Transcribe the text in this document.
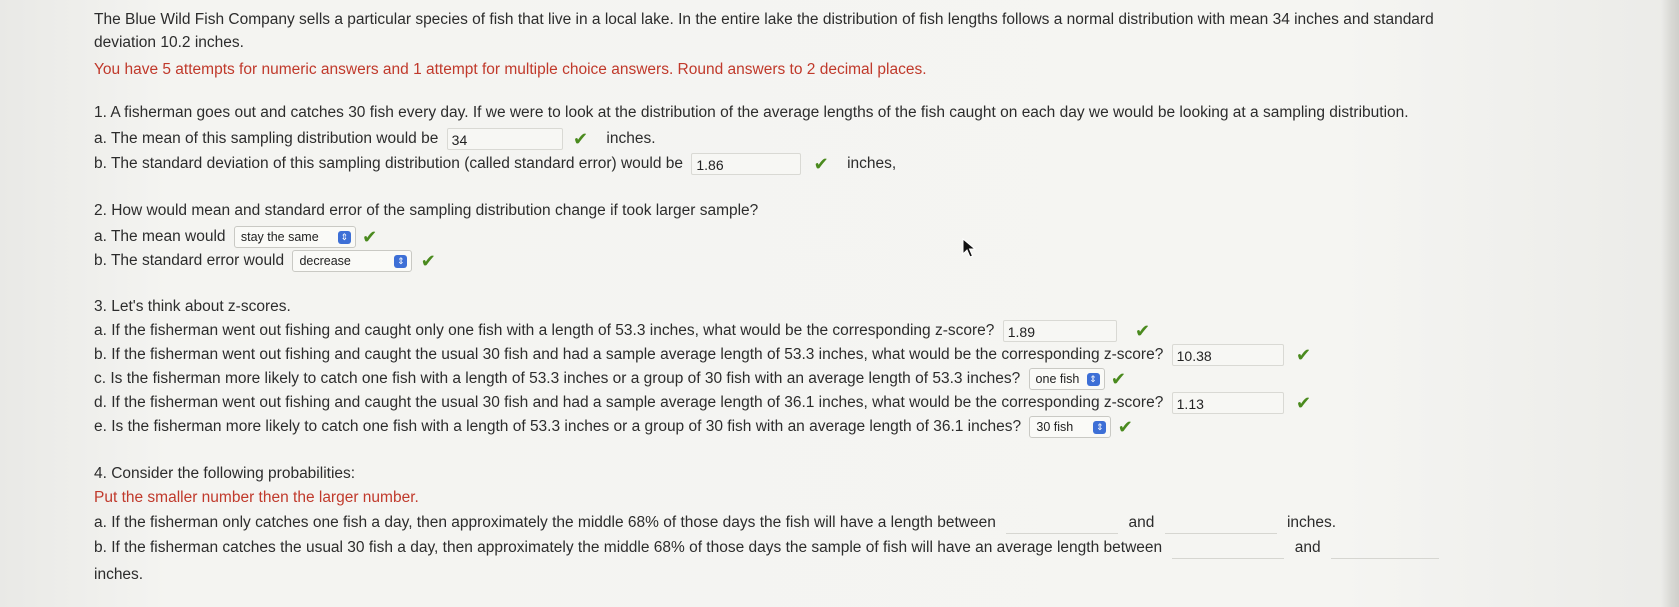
The Blue Wild Fish Company sells a particular species of fish that live in a local lake. In the entire lake the distribution of fish lengths follows a normal distribution with mean 34 inches and standard
deviation 10.2 inches.
You have 5 attempts for numeric answers and 1 attempt for multiple choice answers. Round answers to 2 decimal places.
1. A fisherman goes out and catches 30 fish every day. If we were to look at the distribution of the average lengths of the fish caught on each day we would be looking at a sampling distribution.
a. The mean of this sampling distribution would be 34	✔ inches.
b. The standard deviation of this sampling distribution (called standard error) would be 1.86	✔ inches,
2. How would mean and standard error of the sampling distribution change if took larger sample?
a. The mean would stay the same	⇕ ✔
b. The standard error would decrease	⇕ ✔
3. Let's think about z-scores.
a. If the fisherman went out fishing and caught only one fish with a length of 53.3 inches, what would be the corresponding z-score? 1.89	✔
b. If the fisherman went out fishing and caught the usual 30 fish and had a sample average length of 53.3 inches, what would be the corresponding z-score? 10.38	✔
c. Is the fisherman more likely to catch one fish with a length of 53.3 inches or a group of 30 fish with an average length of 53.3 inches? one fish	⇕ ✔
d. If the fisherman went out fishing and caught the usual 30 fish and had a sample average length of 36.1 inches, what would be the corresponding z-score? 1.13	✔
e. Is the fisherman more likely to catch one fish with a length of 53.3 inches or a group of 30 fish with an average length of 36.1 inches? 30 fish	⇕ ✔
4. Consider the following probabilities:
Put the smaller number then the larger number.
a. If the fisherman only catches one fish a day, then approximately the middle 68% of those days the fish will have a length between	and	inches.
b. If the fisherman catches the usual 30 fish a day, then approximately the middle 68% of those days the sample of fish will have an average length between	and
inches.
